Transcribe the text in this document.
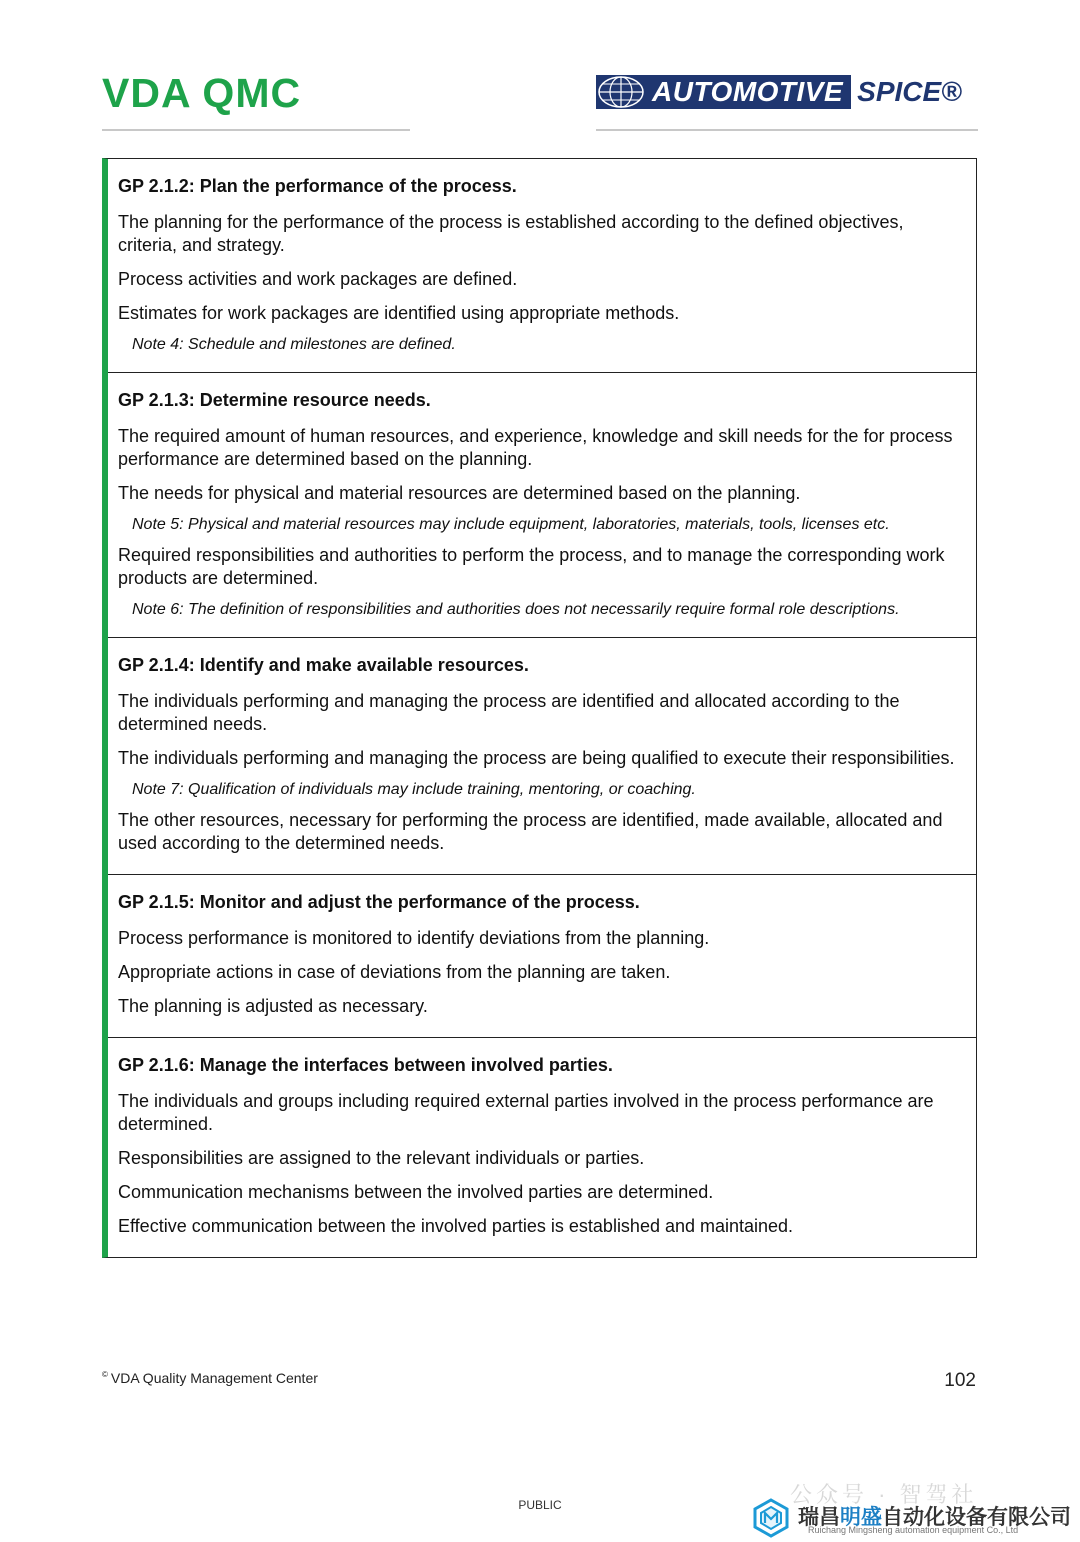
VDA QMC	AUTOMOTIVE SPICE®
GP 2.1.2: Plan the performance of the process.
The planning for the performance of the process is established according to the defined objectives, criteria, and strategy.
Process activities and work packages are defined.
Estimates for work packages are identified using appropriate methods.
Note 4: Schedule and milestones are defined.
GP 2.1.3: Determine resource needs.
The required amount of human resources, and experience, knowledge and skill needs for the for process performance are determined based on the planning.
The needs for physical and material resources are determined based on the planning.
Note 5: Physical and material resources may include equipment, laboratories, materials, tools, licenses etc.
Required responsibilities and authorities to perform the process, and to manage the corresponding work products are determined.
Note 6: The definition of responsibilities and authorities does not necessarily require formal role descriptions.
GP 2.1.4: Identify and make available resources.
The individuals performing and managing the process are identified and allocated according to the determined needs.
The individuals performing and managing the process are being qualified to execute their responsibilities.
Note 7: Qualification of individuals may include training, mentoring, or coaching.
The other resources, necessary for performing the process are identified, made available, allocated and used according to the determined needs.
GP 2.1.5: Monitor and adjust the performance of the process.
Process performance is monitored to identify deviations from the planning.
Appropriate actions in case of deviations from the planning are taken.
The planning is adjusted as necessary.
GP 2.1.6: Manage the interfaces between involved parties.
The individuals and groups including required external parties involved in the process performance are determined.
Responsibilities are assigned to the relevant individuals or parties.
Communication mechanisms between the involved parties are determined.
Effective communication between the involved parties is established and maintained.
© VDA Quality Management Center	102
PUBLIC	公众号 · 智驾社
瑞昌明盛自动化设备有限公司
Ruichang Mingsheng automation equipment Co., Ltd
